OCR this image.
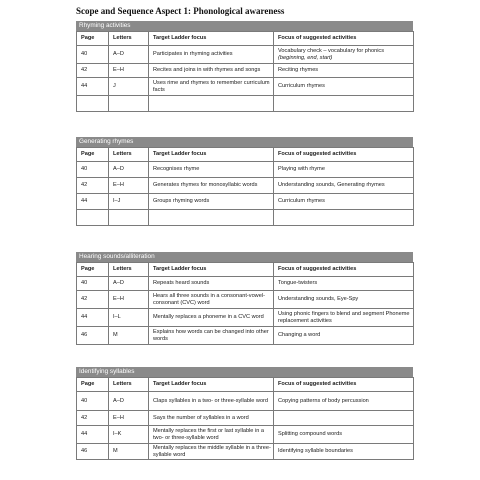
Scope and Sequence Aspect 1: Phonological awareness
Rhyming activities
Page	Letters	Target Ladder focus	Focus of suggested activities
40	A–D	Participates in rhyming activities	Vocabulary check – vocabulary for phonics
(beginning, end, start)
42	E–H	Recites and joins in with rhymes and songs	Reciting rhymes
44	J	Uses rime and rhymes to remember curriculum facts	Curriculum rhymes

Generating rhymes
Page	Letters	Target Ladder focus	Focus of suggested activities
40	A–D	Recognises rhyme	Playing with rhyme
42	E–H	Generates rhymes for monosyllabic words	Understanding sounds, Generating rhymes
44	I–J	Groups rhyming words	Curriculum rhymes

Hearing sounds/alliteration
Page	Letters	Target Ladder focus	Focus of suggested activities
40	A–D	Repeats heard sounds	Tongue-twisters
42	E–H	Hears all three sounds in a consonant-vowel-consonant (CVC) word	Understanding sounds, Eye-Spy
44	I–L	Mentally replaces a phoneme in a CVC word	Using phonic fingers to blend and segment Phoneme replacement activities
46	M	Explains how words can be changed into other words	Changing a word
Identifying syllables
Page	Letters	Target Ladder focus	Focus of suggested activities
40	A–D	Claps syllables in a two- or three-syllable word	Copying patterns of body percussion
42	E–H	Says the number of syllables in a word	
44	I–K	Mentally replaces the first or last syllable in a two- or three-syllable word	Splitting compound words
46	M	Mentally replaces the middle syllable in a three-syllable word	Identifying syllable boundaries
